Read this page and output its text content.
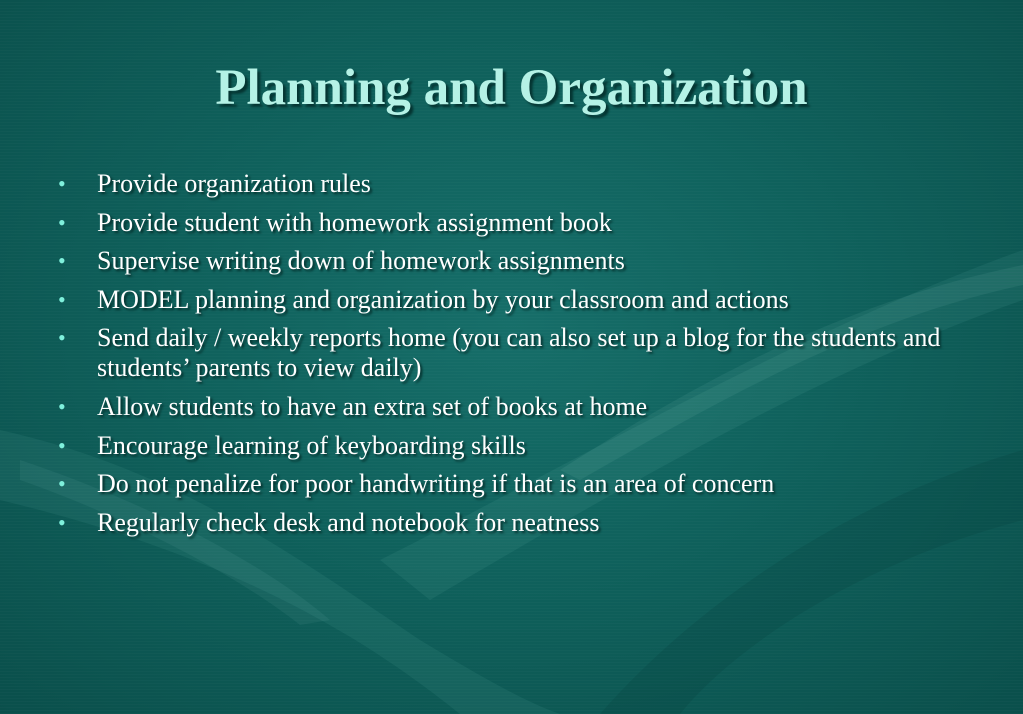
Planning and Organization
•	Provide organization rules
•	Provide student with homework assignment book
•	Supervise writing down of homework assignments
•	MODEL planning and organization by your classroom and actions
•	Send daily / weekly reports home (you can also set up a blog for the students and students’ parents to view daily)
•	Allow students to have an extra set of books at home
•	Encourage learning of keyboarding skills
•	Do not penalize for poor handwriting if that is an area of concern
•	Regularly check desk and notebook for neatness
